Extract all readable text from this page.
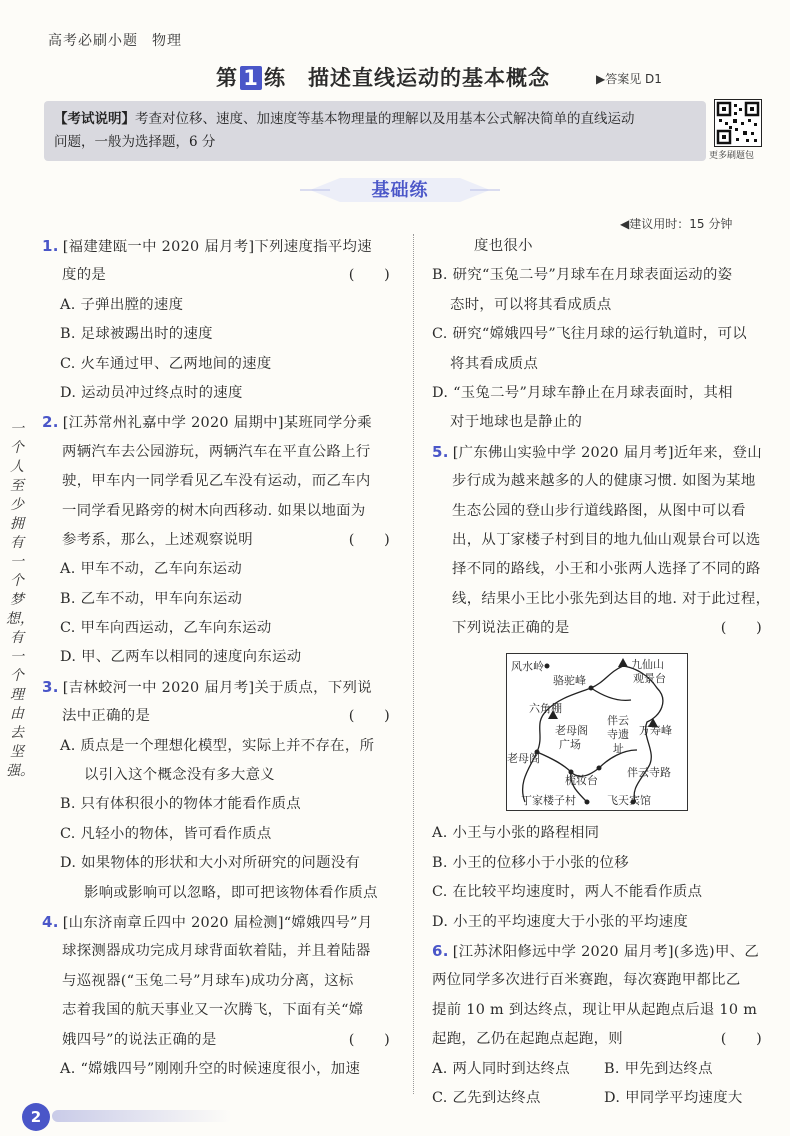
高考必刷小题 物理
第 1 练 描述直线运动的基本概念	▶答案见 D1
【考试说明】考查对位移、速度、加速度等基本物理量的理解以及用基本公式解决简单的直线运动
问题，一般为选择题，6 分
更多刷题包
基础练
◀建议用时：15 分钟
一个人至少拥有一个梦想，有一个理由去坚强。
1. [福建建瓯一中 2020 届月考]下列速度指平均速
度的是	(　　)
A. 子弹出膛的速度
B. 足球被踢出时的速度
C. 火车通过甲、乙两地间的速度
D. 运动员冲过终点时的速度
2. [江苏常州礼嘉中学 2020 届期中]某班同学分乘
两辆汽车去公园游玩，两辆汽车在平直公路上行
驶，甲车内一同学看见乙车没有运动，而乙车内
一同学看见路旁的树木向西移动. 如果以地面为
参考系，那么，上述观察说明	(　　)
A. 甲车不动，乙车向东运动
B. 乙车不动，甲车向东运动
C. 甲车向西运动，乙车向东运动
D. 甲、乙两车以相同的速度向东运动
3. [吉林蛟河一中 2020 届月考]关于质点，下列说
法中正确的是	(　　)
A. 质点是一个理想化模型，实际上并不存在，所
以引入这个概念没有多大意义
B. 只有体积很小的物体才能看作质点
C. 凡轻小的物体，皆可看作质点
D. 如果物体的形状和大小对所研究的问题没有
影响或影响可以忽略，即可把该物体看作质点
4. [山东济南章丘四中 2020 届检测]“嫦娥四号”月
球探测器成功完成月球背面软着陆，并且着陆器
与巡视器(“玉兔二号”月球车)成功分离，这标
志着我国的航天事业又一次腾飞，下面有关“嫦
娥四号”的说法正确的是	(　　)
A. “嫦娥四号”刚刚升空的时候速度很小，加速
度也很小
B. 研究“玉兔二号”月球车在月球表面运动的姿
态时，可以将其看成质点
C. 研究“嫦娥四号”飞往月球的运行轨道时，可以
将其看成质点
D. “玉兔二号”月球车静止在月球表面时，其相
对于地球也是静止的
5. [广东佛山实验中学 2020 届月考]近年来，登山
步行成为越来越多的人的健康习惯. 如图为某地
生态公园的登山步行道线路图，从图中可以看
出，从丁家楼子村到目的地九仙山观景台可以选
择不同的路线，小王和小张两人选择了不同的路
线，结果小王比小张先到达目的地. 对于此过程，
下列说法正确的是	(　　)
风水岭
骆驼峰
九仙山
观景台
六角棚
老母阁
广场
伴云
寺遗
址
万寿峰
老母阁
梳妆台
伴云寺路
丁家楼子村	飞天宾馆
A. 小王与小张的路程相同
B. 小王的位移小于小张的位移
C. 在比较平均速度时，两人不能看作质点
D. 小王的平均速度大于小张的平均速度
6. [江苏沭阳修远中学 2020 届月考](多选)甲、乙
两位同学多次进行百米赛跑，每次赛跑甲都比乙
提前 10 m 到达终点，现让甲从起跑点后退 10 m
起跑，乙仍在起跑点起跑，则	(　　)
A. 两人同时到达终点 B. 甲先到达终点
C. 乙先到达终点	D. 甲同学平均速度大
2
